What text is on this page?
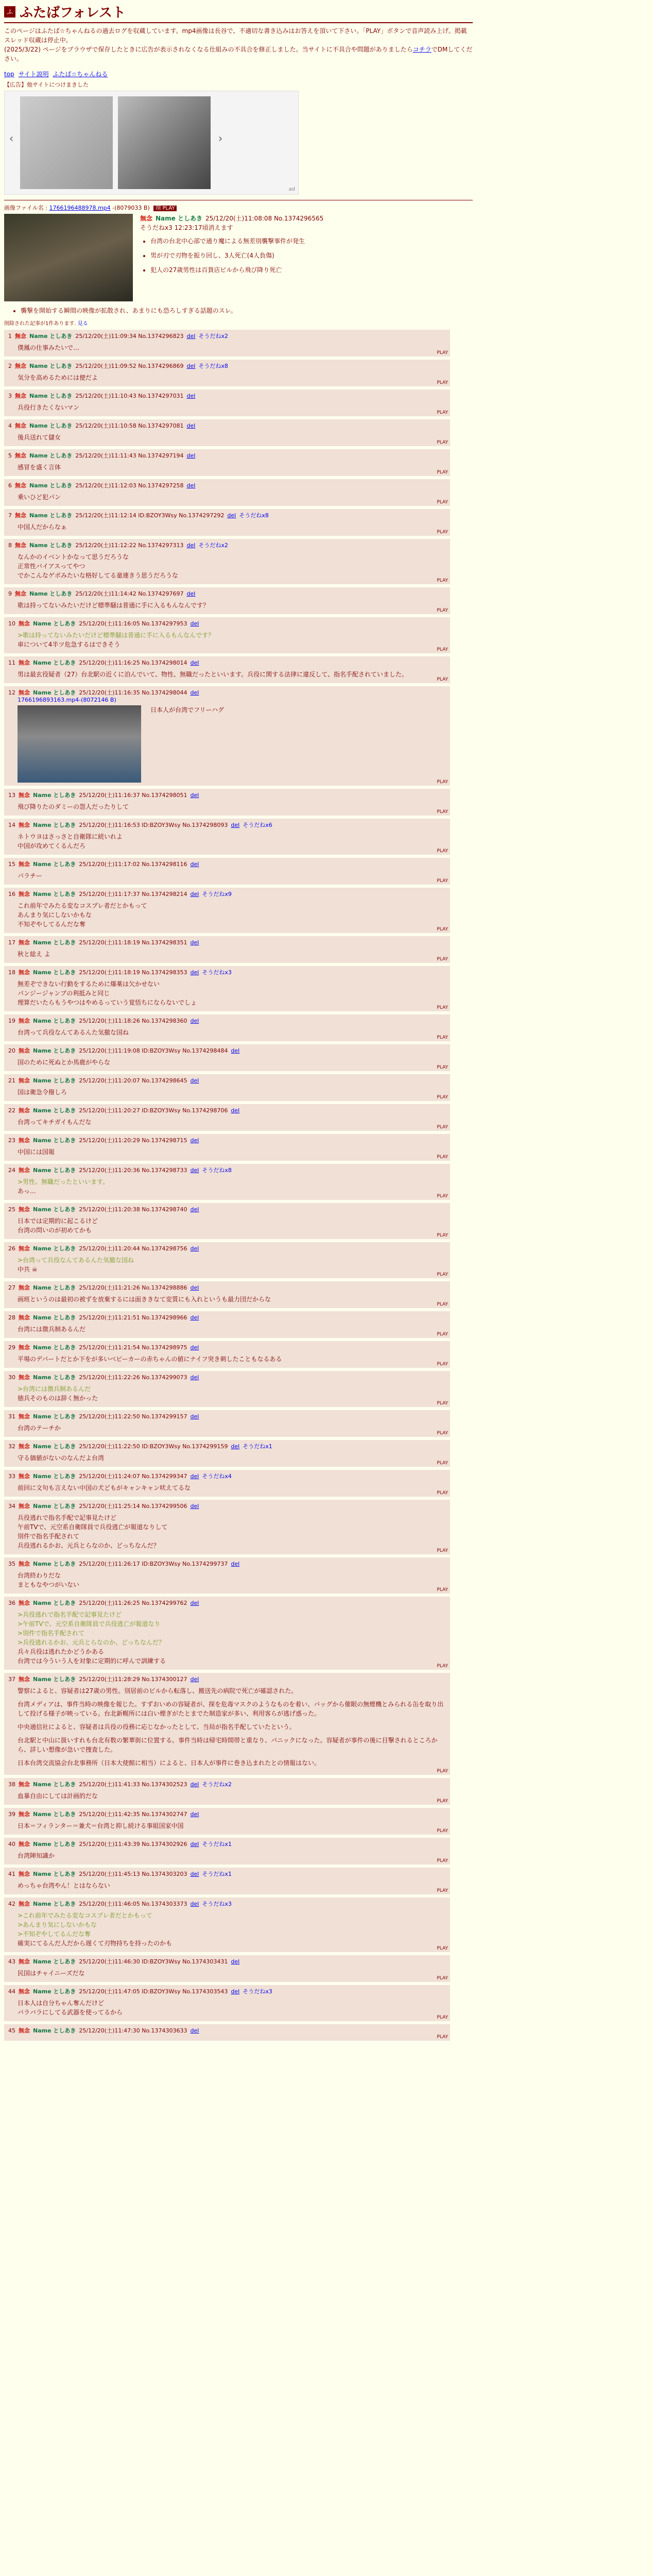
ふ ふたばフォレスト
このページはふたば☆ちゃんねるの過去ログを収蔵しています。mp4画像は長谷で、不適切な書き込みはお答えを頂いて下さい。「PLAY」ボタンで音声読み上げ。掲載スレッド収蔵は停止中。
(2025/3/22) ページをブラウザで保存したときに広告が表示されなくなる仕組みの不具合を修正しました。当サイトに不具合や問題がありましたらコチラでDMしてください。
top サイト説明 ふたば☆ちゃんねる
【広告】他サイトにつけまきした
‹	›
ad
画像ファイル名 : 1766196488978.mp4 -(8079033 B) 削 PLAY
無念 Name としあき 25/12/20(土)11:08:08 No.1374296565
そうだねx3 12:23:17頃消えます
• 台湾の台北中心部で通り魔による無差別襲撃事件が発生
• 男が刃で刃物を振り回し、3人死亡(4人負傷)
• 犯人の27歳男性は百貨店ビルから飛び降り死亡
• 襲撃を開始する瞬間の映像が拡散され、あまりにも恐ろしすぎる話題のスレ。
削除された記事が1件あります. 見る
1 無念 Name としあき 25/12/20(土)11:09:34 No.1374296823 del そうだねx2
僕鳳の仕事みたいで…
PLAY
2 無念 Name としあき 25/12/20(土)11:09:52 No.1374296869 del そうだねx8
気分を高めるためには便だよ
PLAY
3 無念 Name としあき 25/12/20(土)11:10:43 No.1374297031 del
兵役行きたくないマン
PLAY
4 無念 Name としあき 25/12/20(土)11:10:58 No.1374297081 del
後兵送れて儲女
PLAY
5 無念 Name としあき 25/12/20(土)11:11:43 No.1374297194 del
感冒を盛く言体
PLAY
6 無念 Name としあき 25/12/20(土)11:12:03 No.1374297258 del
乗いひど犯パン
PLAY
7 無念 Name としあき 25/12/20(土)11:12:14 ID:BZOY3Wsy No.1374297292 del そうだねx8
中国人だからなぁ
PLAY
8 無念 Name としあき 25/12/20(土)11:12:22 No.1374297313 del そうだねx2
なんかのイベントかなって思うだろうな
正常性バイアスってやつ
でかこんなゲボみたいな格好してる童連きう思うだろうな
PLAY
9 無念 Name としあき 25/12/20(土)11:14:42 No.1374297697 del
歌は持ってないみたいだけど標準騒は普通に手に入るもんなんです？
PLAY
10 無念 Name としあき 25/12/20(土)11:16:05 No.1374297953 del
>歌は持ってないみたいだけど標準騒は普通に手に入るもんなんです？
車について4半ツ危急するはできそう
PLAY
11 無念 Name としあき 25/12/20(土)11:16:25 No.1374298014 del
男は最玄役疑者（27）台北駅の近くに泊んでいて、物性、無職だったといいます。兵役に関する法律に違反して、指名手配されていました。
PLAY
12 無念 Name としあき 25/12/20(土)11:16:35 No.1374298044 del
1766196893163.mp4-(8072146 B)
日本人が台湾でフリーハグ
PLAY
13 無念 Name としあき 25/12/20(土)11:16:37 No.1374298051 del
飛び降りたのダミーの怨人だったりして
PLAY
14 無念 Name としあき 25/12/20(土)11:16:53 ID:BZOY3Wsy No.1374298093 del そうだねx6
ネトウヨはさっさと自衛隊に続いれよ
中国が攻めてくるんだろ
PLAY
15 無念 Name としあき 25/12/20(土)11:17:02 No.1374298116 del
パラチー
PLAY
16 無念 Name としあき 25/12/20(土)11:17:37 No.1374298214 del そうだねx9
これ前年でみたる変なコスプレ者だとかもって
あんまり気にしないかもな
不知ぞやしてるんだな奪
PLAY
17 無念 Name としあき 25/12/20(土)11:18:19 No.1374298351 del
秋と総え よ
PLAY
18 無念 Name としあき 25/12/20(土)11:18:19 No.1374298353 del そうだねx3
無差ぞできない行動をするために爆薬は欠かせない
パンジージャンプの利抵みと同じ
理算だいたらもうやつはやめるっていう覚悟ちにならないでしょ
PLAY
19 無念 Name としあき 25/12/20(土)11:18:26 No.1374298360 del
台湾って兵役なんてあるんた気撤な国ね
PLAY
20 無念 Name としあき 25/12/20(土)11:19:08 ID:BZOY3Wsy No.1374298484 del
国のために死ぬとか馬鹿がやらな
PLAY
21 無念 Name としあき 25/12/20(土)11:20:07 No.1374298645 del
国は衛急令撥しろ
PLAY
22 無念 Name としあき 25/12/20(土)11:20:27 ID:BZOY3Wsy No.1374298706 del
台湾ってキチガイもんだな
PLAY
23 無念 Name としあき 25/12/20(土)11:20:29 No.1374298715 del
中国には国報
PLAY
24 無念 Name としあき 25/12/20(土)11:20:36 No.1374298733 del そうだねx8
>男性、無職だったといいます。
あっ…
PLAY
25 無念 Name としあき 25/12/20(土)11:20:38 No.1374298740 del
日本では定期的に起こるけど
台湾の問いのが初めてかも
PLAY
26 無念 Name としあき 25/12/20(土)11:20:44 No.1374298756 del
>台湾って兵役なんてあるんた気撤な国ね
中共 ☠
PLAY
27 無念 Name としあき 25/12/20(土)11:21:26 No.1374298886 del
画班というのは最初の被ずを放棄するには面ききなて変質にも入れというも最力団だからな
PLAY
28 無念 Name としあき 25/12/20(土)11:21:51 No.1374298966 del
台湾には徴兵制あるんだ
PLAY
29 無念 Name としあき 25/12/20(土)11:21:54 No.1374298975 del
平場のデパートだとか下をが多いベビーカーの赤ちゃんの値にナイフ突き刺したこともなるある
PLAY
30 無念 Name としあき 25/12/20(土)11:22:26 No.1374299073 del
>台湾には徴兵制あるんだ
徳兵そのものは辞く無かった
PLAY
31 無念 Name としあき 25/12/20(土)11:22:50 No.1374299157 del
台湾のテーチか
PLAY
32 無念 Name としあき 25/12/20(土)11:22:50 ID:BZOY3Wsy No.1374299159 del そうだねx1
守る価値がないのなんだよ台湾
PLAY
33 無念 Name としあき 25/12/20(土)11:24:07 No.1374299347 del そうだねx4
前回に文句も言えない中国の犬どもがキャンキャン吠えてるな
PLAY
34 無念 Name としあき 25/12/20(土)11:25:14 No.1374299506 del
兵役逃れで指名手配で記事見たけど
午前TVで、元空系自衛隊員で兵役逃亡が報道なりして
別件で指名手配されて
兵役逃れるかお、元兵とらなのか、どっちなんだ？
PLAY
35 無念 Name としあき 25/12/20(土)11:26:17 ID:BZOY3Wsy No.1374299737 del
台湾終わりだな
まともなやつがいない
PLAY
36 無念 Name としあき 25/12/20(土)11:26:25 No.1374299762 del
>兵役逃れで指名手配で記事見たけど
>午前TVで、元空系自衛隊員で兵役逃亡が報道なり
>別件で指名手配されて
>兵役逃れるかお、元兵とらなのか、どっちなんだ？
兵々兵役は逃れたかどうかある
台湾では今ういう人を対象に定期的に呼んで訓練する
PLAY
37 無念 Name としあき 25/12/20(土)11:28:29 No.1374300127 del

警察によると、容疑者は27歳の男性。別居前のビルから転落し、搬送先の病院で死亡が確認された。

台湾メディアは、事件当時の映像を報じた。すずおいめの容疑者が、探を危毒マスクのようなものを着い、バッグから催眠の無煙機とみられる缶を取り出して投げる様子が映っている。台北新幌所には白い煙ぎがたとまでた制造家が多い、利用客らが逃げ惑った。

中央通信社によると、容疑者は兵役の役務に応じなかったとして、当局が指名手配していたという。

台北駅と中山に扱いすれも台北有数の繁華街に位置する。事件当時は帰宅時間帯と重なり、パニックになった。容疑者が事件の後に目撃されるところから、詳しい想像が急いで捜査した。

日本台湾交流協会台北事務所（日本大使館に相当）によると、日本人が事件に巻き込まれたとの情報はない。

PLAY
38 無念 Name としあき 25/12/20(土)11:41:33 No.1374302523 del そうだねx2
血暴自由にしては計画的だな
PLAY
39 無念 Name としあき 25/12/20(土)11:42:35 No.1374302747 del
日本＝フィランター＝兼犬＝台湾と抑し続ける事組国家中国
PLAY
40 無念 Name としあき 25/12/20(土)11:43:39 No.1374302926 del そうだねx1
台湾陣知識か
PLAY
41 無念 Name としあき 25/12/20(土)11:45:13 No.1374303203 del そうだねx1
めっちゃ台湾やん！とはならない
PLAY
42 無念 Name としあき 25/12/20(土)11:46:05 No.1374303373 del そうだねx3
>これ前年でみたる変なコスプレ者だとかもって
>あんまり気にしないかもな
>不知ぞやしてるんだな奪
確実にてるんだ人だから遅くて刃物持ちを持ったのかも
PLAY
43 無念 Name としあき 25/12/20(土)11:46:30 ID:BZOY3Wsy No.1374303431 del
民国はチャイニーズだな
PLAY
44 無念 Name としあき 25/12/20(土)11:47:05 ID:BZOY3Wsy No.1374303543 del そうだねx3
日本人は自分ちゃん奪んだけど
バラバラにしてる武器を使ってるから
PLAY
45 無念 Name としあき 25/12/20(土)11:47:30 No.1374303633 del
PLAY
